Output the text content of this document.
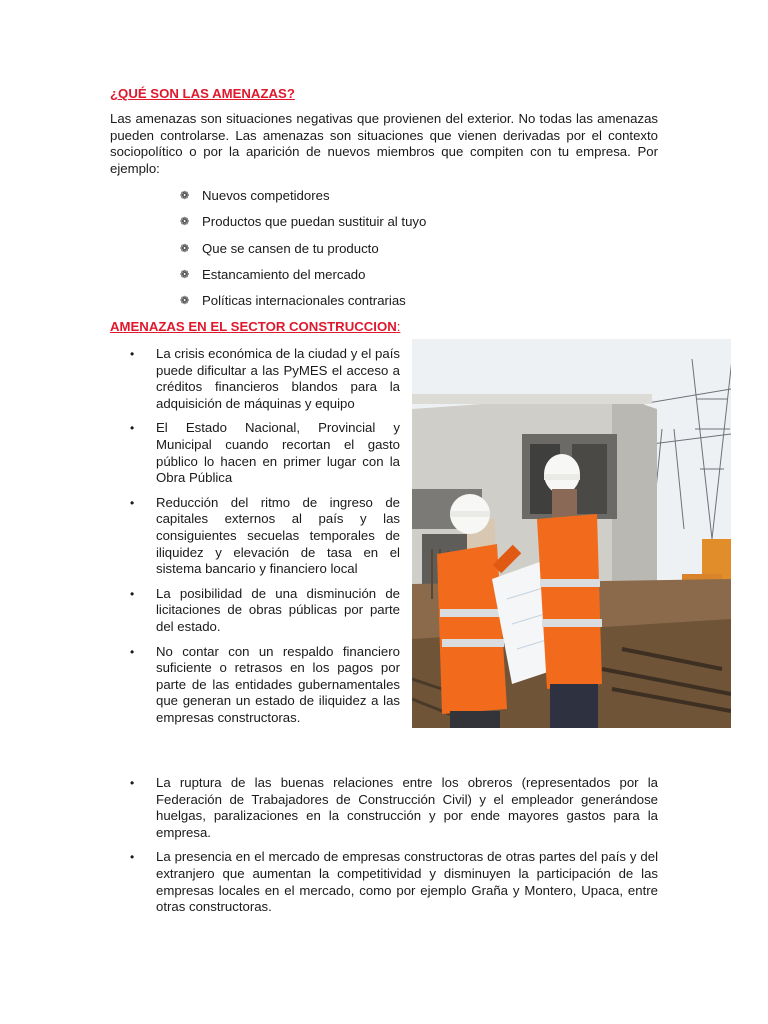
¿QUÉ SON LAS AMENAZAS?
Las amenazas son situaciones negativas que provienen del exterior. No todas las amenazas pueden controlarse. Las amenazas son situaciones que vienen derivadas por el contexto sociopolítico o por la aparición de nuevos miembros que compiten con tu empresa. Por ejemplo:
❁ Nuevos competidores
❁ Productos que puedan sustituir al tuyo
❁ Que se cansen de tu producto
❁ Estancamiento del mercado
❁ Políticas internacionales contrarias
AMENAZAS EN EL SECTOR CONSTRUCCION:
• La crisis económica de la ciudad y el país puede dificultar a las PyMES el acceso a créditos financieros blandos para la adquisición de máquinas y equipo
• El Estado Nacional, Provincial y Municipal cuando recortan el gasto público lo hacen en primer lugar con la Obra Pública
• Reducción del ritmo de ingreso de capitales externos al país y las consiguientes secuelas temporales de iliquidez y elevación de tasa en el sistema bancario y financiero local
• La posibilidad de una disminución de licitaciones de obras públicas por parte del estado.
• No contar con un respaldo financiero suficiente o retrasos en los pagos por parte de las entidades gubernamentales que generan un estado de iliquidez a las empresas constructoras.
• La ruptura de las buenas relaciones entre los obreros (representados por la Federación de Trabajadores de Construcción Civil) y el empleador generándose huelgas, paralizaciones en la construcción y por ende mayores gastos para la empresa.
• La presencia en el mercado de empresas constructoras de otras partes del país y del extranjero que aumentan la competitividad y disminuyen la participación de las empresas locales en el mercado, como por ejemplo Graña y Montero, Upaca, entre otras constructoras.
